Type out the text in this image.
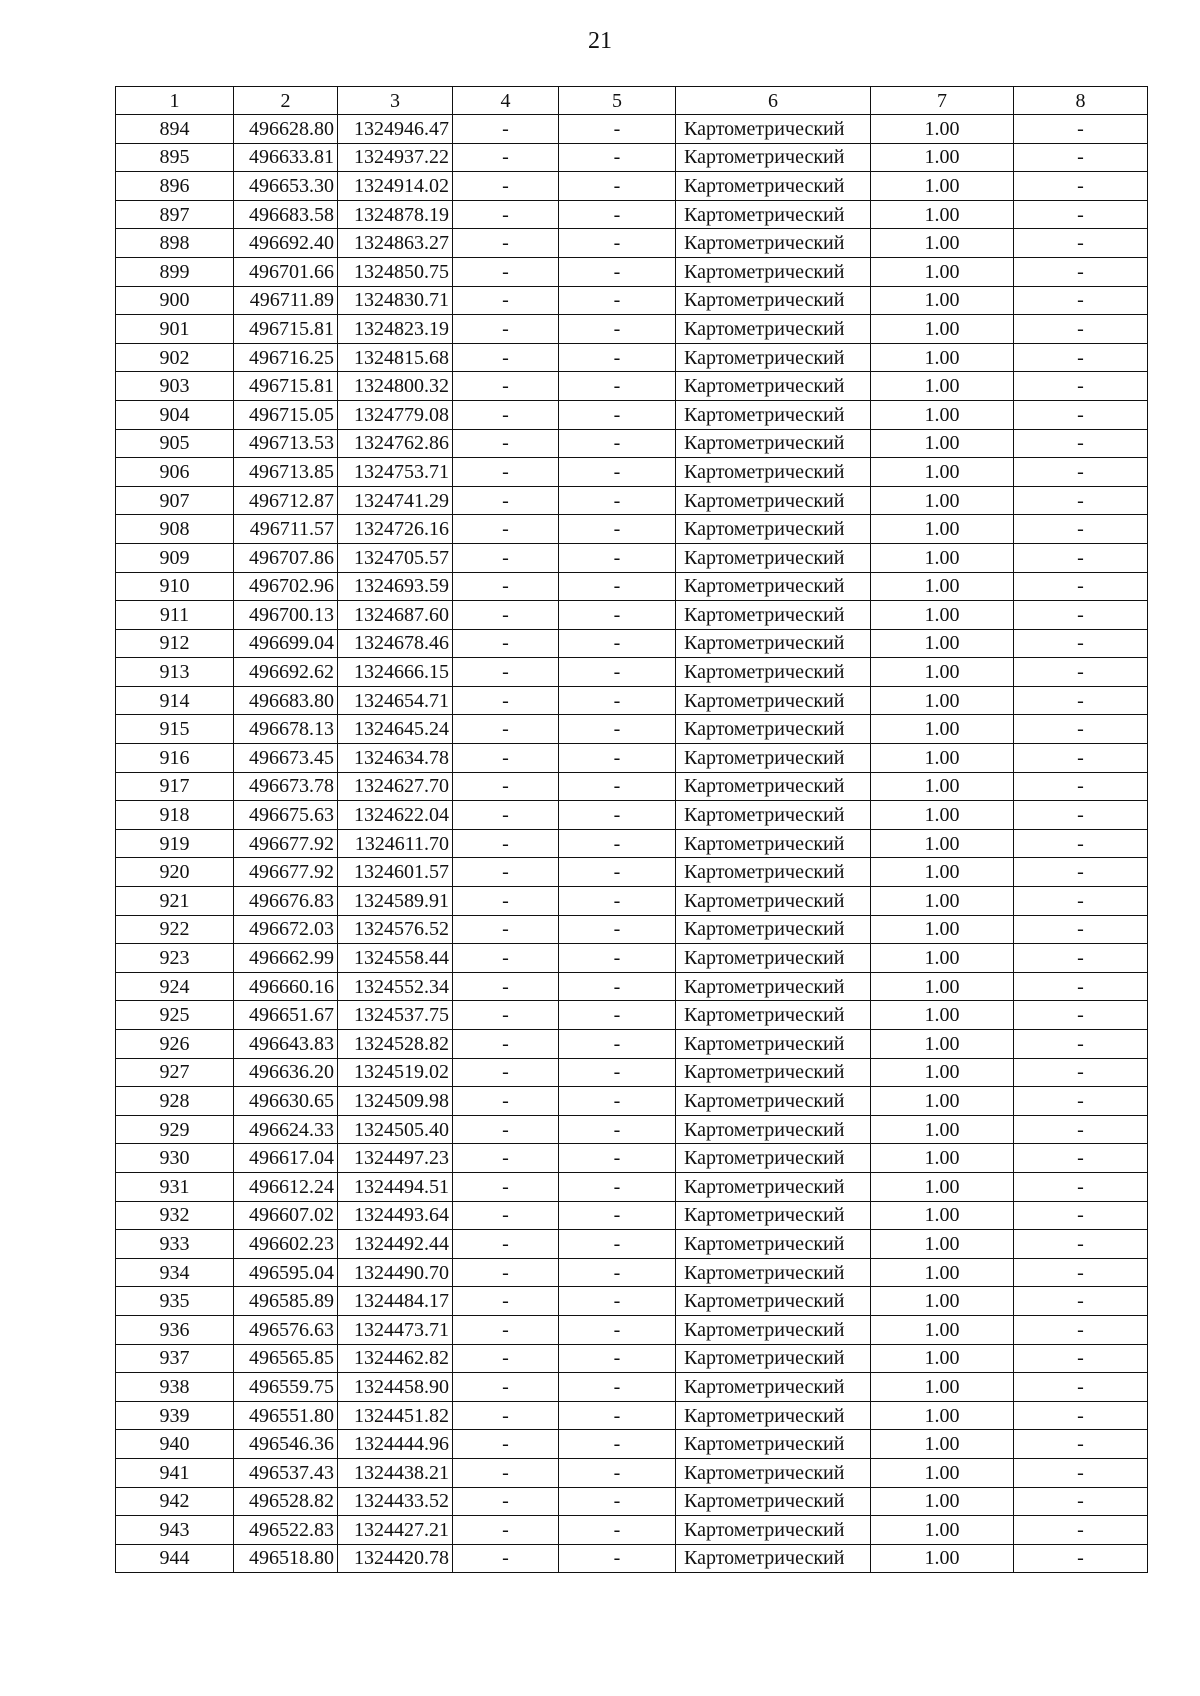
21
1	2	3	4	5	6	7	8
894	496628.80	1324946.47	-	-	Картометрический	1.00	-
895	496633.81	1324937.22	-	-	Картометрический	1.00	-
896	496653.30	1324914.02	-	-	Картометрический	1.00	-
897	496683.58	1324878.19	-	-	Картометрический	1.00	-
898	496692.40	1324863.27	-	-	Картометрический	1.00	-
899	496701.66	1324850.75	-	-	Картометрический	1.00	-
900	496711.89	1324830.71	-	-	Картометрический	1.00	-
901	496715.81	1324823.19	-	-	Картометрический	1.00	-
902	496716.25	1324815.68	-	-	Картометрический	1.00	-
903	496715.81	1324800.32	-	-	Картометрический	1.00	-
904	496715.05	1324779.08	-	-	Картометрический	1.00	-
905	496713.53	1324762.86	-	-	Картометрический	1.00	-
906	496713.85	1324753.71	-	-	Картометрический	1.00	-
907	496712.87	1324741.29	-	-	Картометрический	1.00	-
908	496711.57	1324726.16	-	-	Картометрический	1.00	-
909	496707.86	1324705.57	-	-	Картометрический	1.00	-
910	496702.96	1324693.59	-	-	Картометрический	1.00	-
911	496700.13	1324687.60	-	-	Картометрический	1.00	-
912	496699.04	1324678.46	-	-	Картометрический	1.00	-
913	496692.62	1324666.15	-	-	Картометрический	1.00	-
914	496683.80	1324654.71	-	-	Картометрический	1.00	-
915	496678.13	1324645.24	-	-	Картометрический	1.00	-
916	496673.45	1324634.78	-	-	Картометрический	1.00	-
917	496673.78	1324627.70	-	-	Картометрический	1.00	-
918	496675.63	1324622.04	-	-	Картометрический	1.00	-
919	496677.92	1324611.70	-	-	Картометрический	1.00	-
920	496677.92	1324601.57	-	-	Картометрический	1.00	-
921	496676.83	1324589.91	-	-	Картометрический	1.00	-
922	496672.03	1324576.52	-	-	Картометрический	1.00	-
923	496662.99	1324558.44	-	-	Картометрический	1.00	-
924	496660.16	1324552.34	-	-	Картометрический	1.00	-
925	496651.67	1324537.75	-	-	Картометрический	1.00	-
926	496643.83	1324528.82	-	-	Картометрический	1.00	-
927	496636.20	1324519.02	-	-	Картометрический	1.00	-
928	496630.65	1324509.98	-	-	Картометрический	1.00	-
929	496624.33	1324505.40	-	-	Картометрический	1.00	-
930	496617.04	1324497.23	-	-	Картометрический	1.00	-
931	496612.24	1324494.51	-	-	Картометрический	1.00	-
932	496607.02	1324493.64	-	-	Картометрический	1.00	-
933	496602.23	1324492.44	-	-	Картометрический	1.00	-
934	496595.04	1324490.70	-	-	Картометрический	1.00	-
935	496585.89	1324484.17	-	-	Картометрический	1.00	-
936	496576.63	1324473.71	-	-	Картометрический	1.00	-
937	496565.85	1324462.82	-	-	Картометрический	1.00	-
938	496559.75	1324458.90	-	-	Картометрический	1.00	-
939	496551.80	1324451.82	-	-	Картометрический	1.00	-
940	496546.36	1324444.96	-	-	Картометрический	1.00	-
941	496537.43	1324438.21	-	-	Картометрический	1.00	-
942	496528.82	1324433.52	-	-	Картометрический	1.00	-
943	496522.83	1324427.21	-	-	Картометрический	1.00	-
944	496518.80	1324420.78	-	-	Картометрический	1.00	-
